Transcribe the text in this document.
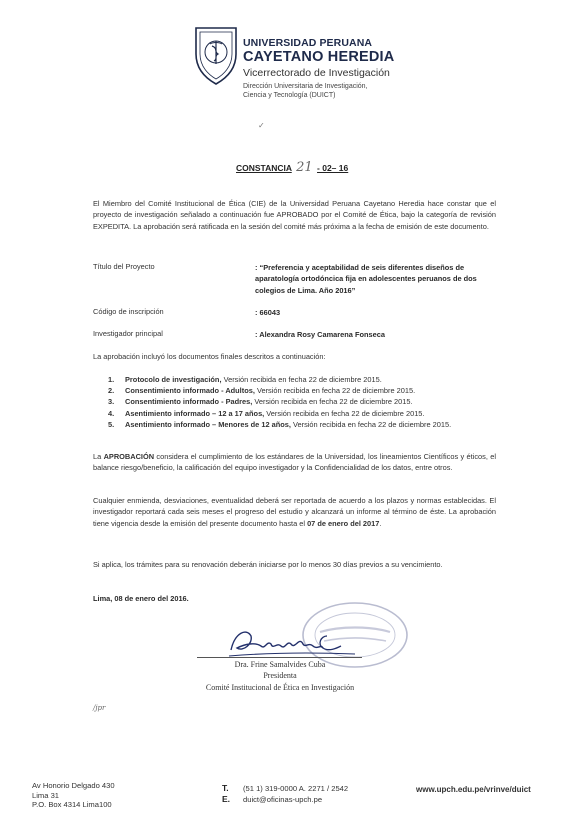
UNIVERSIDAD PERUANA
CAYETANO HEREDIA
Vicerrectorado de Investigación
Dirección Universitaria de Investigación,
Ciencia y Tecnología (DUICT)
✓
CONSTANCIA 21 - 02– 16
El Miembro del Comité Institucional de Ética (CIE) de la Universidad Peruana Cayetano Heredia hace constar que el proyecto de investigación señalado a continuación fue APROBADO por el Comité de Ética, bajo la categoría de revisión EXPEDITA. La aprobación será ratificada en la sesión del comité más próxima a la fecha de emisión de este documento.
Título del Proyecto	: “Preferencia y aceptabilidad de seis diferentes diseños de aparatología ortodóncica fija en adolescentes peruanos de dos colegios de Lima. Año 2016”
Código de inscripción	: 66043
Investigador principal	: Alexandra Rosy Camarena Fonseca
La aprobación incluyó los documentos finales descritos a continuación:
1. Protocolo de investigación, Versión recibida en fecha 22 de diciembre 2015.
2. Consentimiento informado - Adultos, Versión recibida en fecha 22 de diciembre 2015.
3. Consentimiento informado - Padres, Versión recibida en fecha 22 de diciembre 2015.
4. Asentimiento informado – 12 a 17 años, Versión recibida en fecha 22 de diciembre 2015.
5. Asentimiento informado – Menores de 12 años, Versión recibida en fecha 22 de diciembre 2015.
La APROBACIÓN considera el cumplimiento de los estándares de la Universidad, los lineamientos Científicos y éticos, el balance riesgo/beneficio, la calificación del equipo investigador y la Confidencialidad de los datos, entre otros.
Cualquier enmienda, desviaciones, eventualidad deberá ser reportada de acuerdo a los plazos y normas establecidas. El investigador reportará cada seis meses el progreso del estudio y alcanzará un informe al término de éste. La aprobación tiene vigencia desde la emisión del presente documento hasta el 07 de enero del 2017.
Si aplica, los trámites para su renovación deberán iniciarse por lo menos 30 días previos a su vencimiento.
Lima, 08 de enero del 2016.
Dra. Frine Samalvides Cuba
Presidenta
Comité Institucional de Ética en Investigación
/jpr
Av Honorio Delgado 430
Lima 31
P.O. Box 4314 Lima100
T.
E.
(51 1) 319-0000 A. 2271 / 2542
duict@oficinas-upch.pe
www.upch.edu.pe/vrinve/duict
